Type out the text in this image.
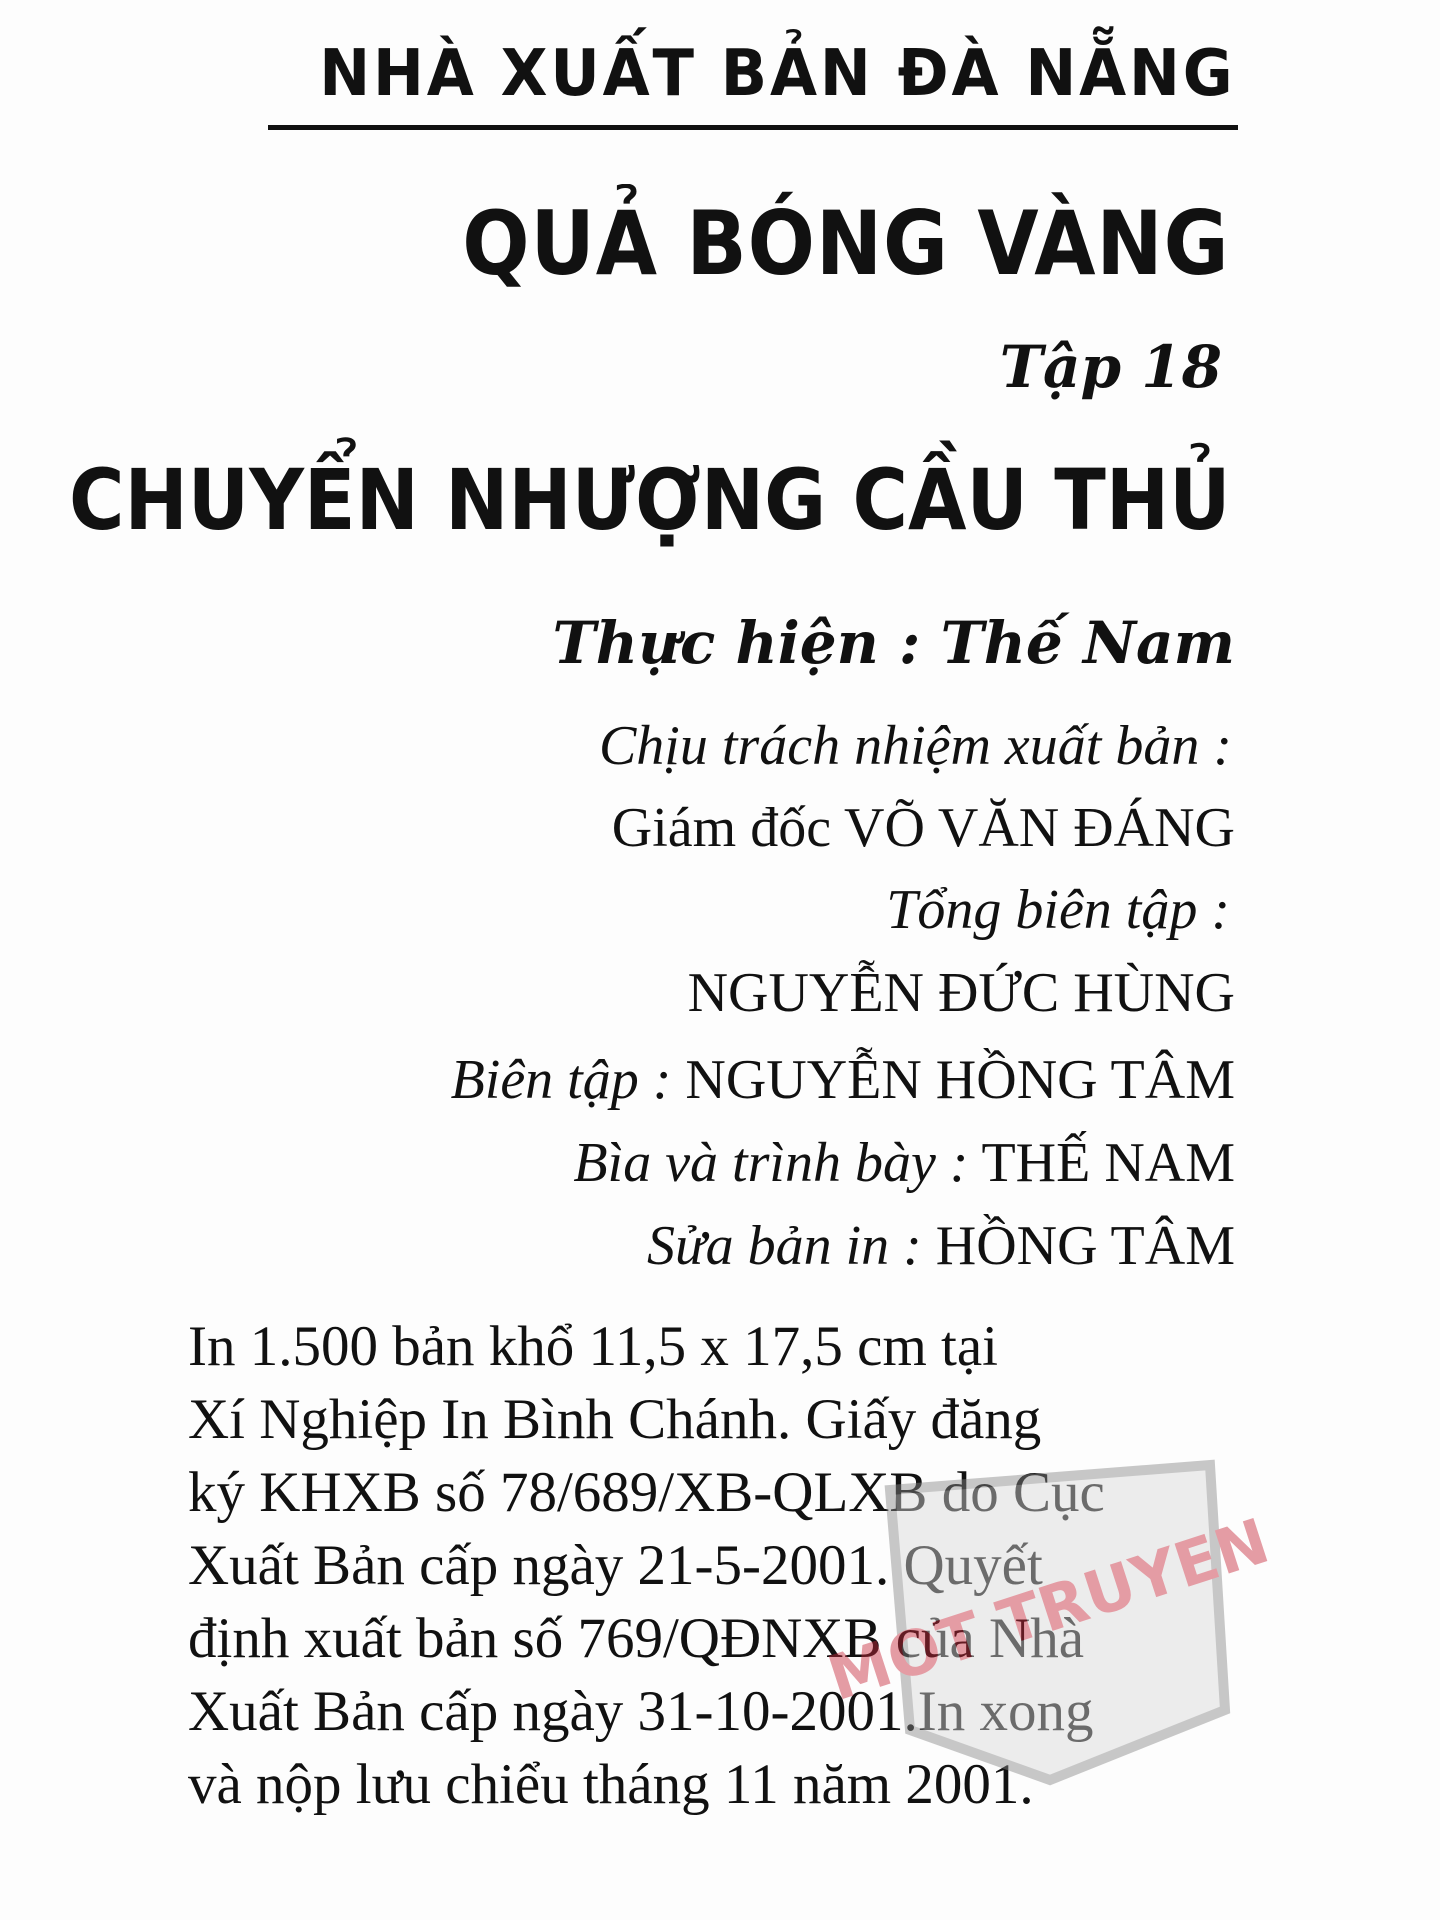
NHÀ XUẤT BẢN ĐÀ NẴNG

QUẢ BÓNG VÀNG

Tập 18

CHUYỂN NHƯỢNG CẦU THỦ

Thực hiện : Thế Nam

Chịu trách nhiệm xuất bản :

Giám đốc VÕ VĂN ĐÁNG

Tổng biên tập :

NGUYỄN ĐỨC HÙNG

Biên tập : NGUYỄN HỒNG TÂM

Bìa và trình bày : THẾ NAM

Sửa bản in : HỒNG TÂM

In 1.500 bản khổ 11,5 x 17,5 cm tại
Xí Nghiệp In Bình Chánh. Giấy đăng
ký KHXB số 78/689/XB-QLXB do Cục
Xuất Bản cấp ngày 21-5-2001. Quyết
định xuất bản số 769/QĐNXB của Nhà
Xuất Bản cấp ngày 31-10-2001.In xong
và nộp lưu chiểu tháng 11 năm 2001.
MOT TRUYEN
